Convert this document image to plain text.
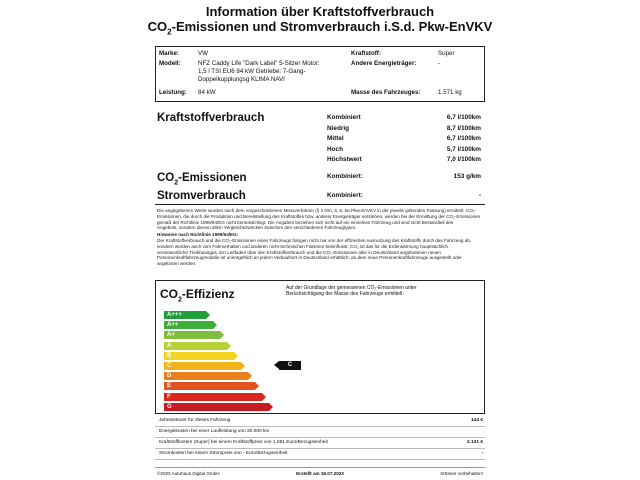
Information über Kraftstoffverbrauch
$CO_2$-Emissionen und Stromverbrauch i.S.d. Pkw-EnVKV
Marke:	VW
Modell:	NFZ Caddy Life "Dark Label" 5-Sitzer Motor:
1,5 l TSI EU6 84 kW Getriebe: 7-Gang-
Doppelkupplungsg KLIMA NAVI
Leistung: 84 kW
Kraftstoff:	Super
Andere Energieträger:	-
Masse des Fahrzeuges:	1.571 kg
Kraftstoffverbrauch	Kombiniert	6,7 l/100km
Niedrig	8,7 l/100km
Mittel	6,7 l/100km
Hoch	5,7 l/100km
Höchstwert	7,0 l/100km
$CO_2$-Emissionen	Kombiniert:	153 g/km
Stromverbrauch	Kombiniert:	-
Die angegebenen Werte wurden nach dem vorgeschriebenen Messverfahren (§ 2 Nrn. 5, 6, 6a Pkw-EnVKV in der jeweils geltenden Fassung) ermittelt. CO₂-
Emissionen, die durch die Produktion und Bereitstellung des Kraftstoffes bzw. anderer Energieträger entstehen, werden bei der Ermittlung der CO₂-Emissionen
gemäß der Richtlinie 1999/94/EG nicht berücksichtigt. Die Angaben beziehen sich nicht auf ein einzelnes Fahrzeug und sind nicht Bestandteil des
Angebots, sondern dienen allein Vergleichszwecken zwischen den verschiedenen Fahrzeugtypen.
Hinweise nach Richtlinie 1999/94/EG:
Der Kraftstoffverbrauch und die CO₂-Emissionen eines Fahrzeugs hängen nicht nur von der effizienten Ausnutzung des Kraftstoffs durch das Fahrzeug ab,
sondern werden auch vom Fahrverhalten und anderen nicht-technischen Faktoren beeinflusst. CO₂ ist das für die Erderwärmung hauptsächlich
verantwortliche Treibhausgas. Ein Leitfaden über den Kraftstoffverbrauch und die CO₂-Emissionen aller in Deutschland angebotenen neuen
Personenkraftfahrzeugmodelle ist unentgeltlich an jedem Verkaufsort in Deutschland erhältlich, an dem neue Personenkraftfahrzeuge ausgestellt oder
angeboten werden.
$CO_2$-Effizienz	Auf der Grundlage der gemessenen CO₂-Emissionen unter
Berücksichtigung der Masse des Fahrzeugs ermittelt.
A+++
A++
A+
A
B
C
D
E
F
G
C
Jahressteuer für dieses Fahrzeug	144 €
Energiekosten bei einer Laufleistung von 20.000 km
Kraftstoffkosten (Super) bei einem Kraftstoffpreis von 1,591 Euro/Bezugseinheit	2.131 €
Stromkosten bei einem Strompreis von - Euro/Bezugseinheit	-
©2023 Autohaus Digital GmbH	Erstellt am 18.07.2023	Irrtümer vorbehalten!
